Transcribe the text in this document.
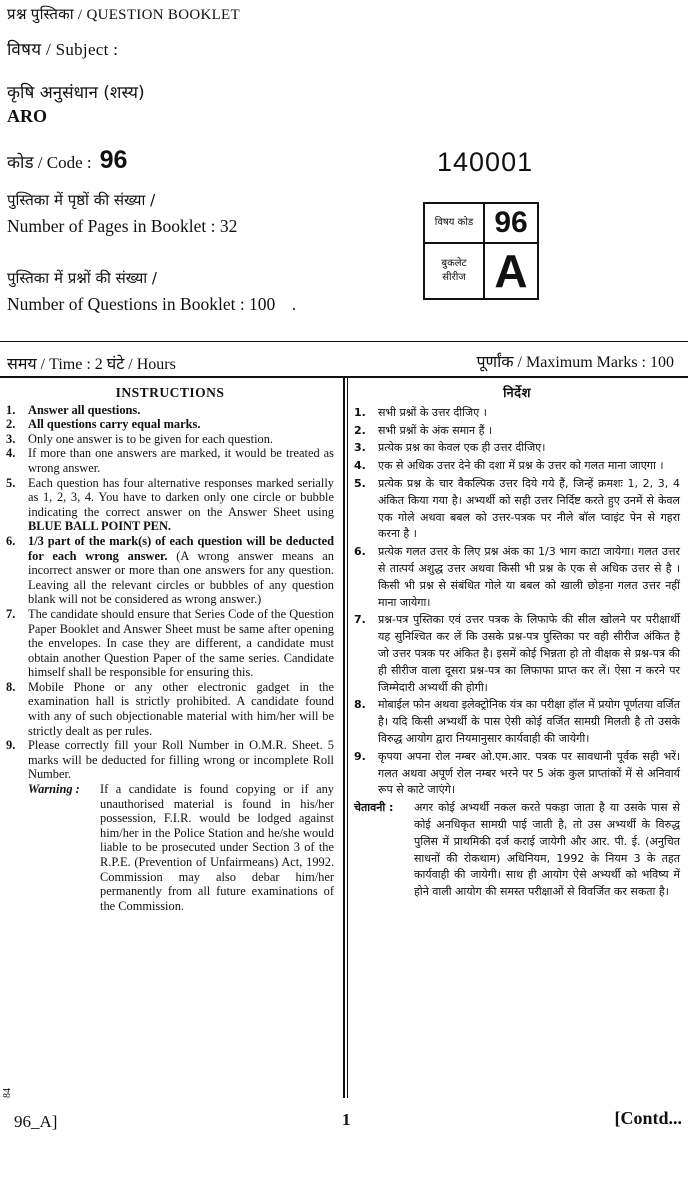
प्रश्न पुस्तिका / QUESTION BOOKLET
विषय / Subject :
कृषि अनुसंधान (शस्य)
ARO
कोड / Code : 96	140001
पुस्तिका में पृष्ठों की संख्या /
Number of Pages in Booklet : 32
पुस्तिका में प्रश्नों की संख्या /
Number of Questions in Booklet : 100 .
विषय कोड	96

बुकलेट
सीरीज	A
समय / Time : 2 घंटे / Hours	पूर्णांक / Maximum Marks : 100
INSTRUCTIONS
1. Answer all questions.
2. All questions carry equal marks.
3. Only one answer is to be given for each question.
4. If more than one answers are marked, it would be treated as wrong answer.
5. Each question has four alternative responses marked serially as 1, 2, 3, 4. You have to darken only one circle or bubble indicating the correct answer on the Answer Sheet using BLUE BALL POINT PEN.
6. 1/3 part of the mark(s) of each question will be deducted for each wrong answer. (A wrong answer means an incorrect answer or more than one answers for any question. Leaving all the relevant circles or bubbles of any question blank will not be considered as wrong answer.)
7. The candidate should ensure that Series Code of the Question Paper Booklet and Answer Sheet must be same after opening the envelopes. In case they are different, a candidate must obtain another Question Paper of the same series. Candidate himself shall be responsible for ensuring this.
8. Mobile Phone or any other electronic gadget in the examination hall is strictly prohibited. A candidate found with any of such objectionable material with him/her will be strictly dealt as per rules.
9. Please correctly fill your Roll Number in O.M.R. Sheet. 5 marks will be deducted for filling wrong or incomplete Roll Number.
Warning : If a candidate is found copying or if any unauthorised material is found in his/her possession, F.I.R. would be lodged against him/her in the Police Station and he/she would liable to be prosecuted under Section 3 of the R.P.E. (Prevention of Unfairmeans) Act, 1992. Commission may also debar him/her permanently from all future examinations of the Commission.
निर्देश
1. सभी प्रश्नों के उत्तर दीजिए ।
2. सभी प्रश्नों के अंक समान हैं ।
3. प्रत्येक प्रश्न का केवल एक ही उत्तर दीजिए।
4. एक से अधिक उत्तर देने की दशा में प्रश्न के उत्तर को गलत माना जाएगा ।
5. प्रत्येक प्रश्न के चार वैकल्पिक उत्तर दिये गये हैं, जिन्हें क्रमशः 1, 2, 3, 4 अंकित किया गया है। अभ्यर्थी को सही उत्तर निर्दिष्ट करते हुए उनमें से केवल एक गोले अथवा बबल को उत्तर-पत्रक पर नीले बॉल प्वाइंट पेन से गहरा करना है ।
6. प्रत्येक गलत उत्तर के लिए प्रश्न अंक का 1/3 भाग काटा जायेगा। गलत उत्तर से तात्पर्य अशुद्ध उत्तर अथवा किसी भी प्रश्न के एक से अधिक उत्तर से है । किसी भी प्रश्न से संबंधित गोले या बबल को खाली छोड़ना गलत उत्तर नहीं माना जायेगा।
7. प्रश्न-पत्र पुस्तिका एवं उत्तर पत्रक के लिफाफे की सील खोलने पर परीक्षार्थी यह सुनिश्चित कर लें कि उसके प्रश्न-पत्र पुस्तिका पर वही सीरीज अंकित है जो उत्तर पत्रक पर अंकित है। इसमें कोई भिन्नता हो तो वीक्षक से प्रश्न-पत्र की ही सीरीज वाला दूसरा प्रश्न-पत्र का लिफाफा प्राप्त कर लें। ऐसा न करने पर जिम्मेदारी अभ्यर्थी की होगी।
8. मोबाईल फोन अथवा इलेक्ट्रोनिक यंत्र का परीक्षा हॉल में प्रयोग पूर्णतया वर्जित है। यदि किसी अभ्यर्थी के पास ऐसी कोई वर्जित सामग्री मिलती है तो उसके विरुद्ध आयोग द्वारा नियमानुसार कार्यवाही की जायेगी।
9. कृपया अपना रोल नम्बर ओ.एम.आर. पत्रक पर सावधानी पूर्वक सही भरें। गलत अथवा अपूर्ण रोल नम्बर भरने पर 5 अंक कुल प्राप्तांकों में से अनिवार्य रूप से काटे जाएंगे।
चेतावनी : अगर कोई अभ्यर्थी नकल करते पकड़ा जाता है या उसके पास से कोई अनधिकृत सामग्री पाई जाती है, तो उस अभ्यर्थी के विरुद्ध पुलिस में प्राथमिकी दर्ज कराई जायेगी और आर. पी. ई. (अनुचित साधनों की रोकथाम) अधिनियम, 1992 के नियम 3 के तहत कार्यवाही की जायेगी। साथ ही आयोग ऐसे अभ्यर्थी को भविष्य में होने वाली आयोग की समस्त परीक्षाओं से विवर्जित कर सकता है।
84
96_A]	1	[Contd...
